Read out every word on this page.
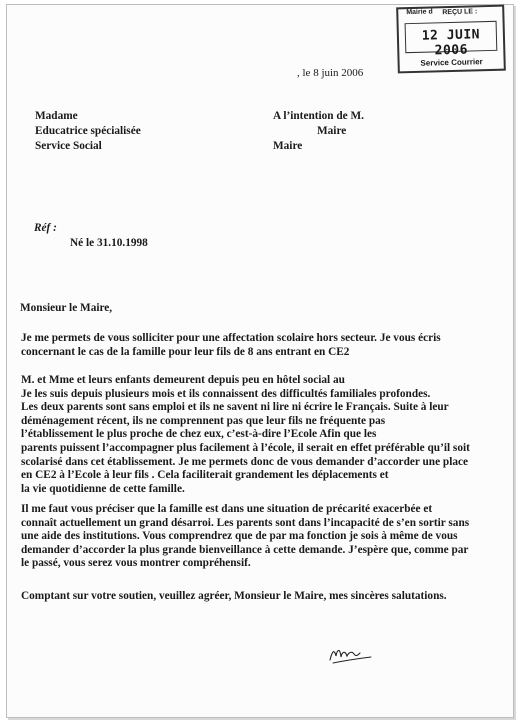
Mairie d REÇU LE :
12 JUIN 2006
Service Courrier
, le 8 juin 2006
Madame
Educatrice spécialisée
Service Social
A l’intention de M.
Maire
Maire
Réf :
Né le 31.10.1998
Monsieur le Maire,
Je me permets de vous solliciter pour une affectation scolaire hors secteur. Je vous écris
concernant le cas de la famille pour leur fils de 8 ans entrant en CE2
M. et Mme et leurs enfants demeurent depuis peu en hôtel social au
Je les suis depuis plusieurs mois et ils connaissent des difficultés familiales profondes.
Les deux parents sont sans emploi et ils ne savent ni lire ni écrire le Français. Suite à leur
déménagement récent, ils ne comprennent pas que leur fils ne fréquente pas
l’établissement le plus proche de chez eux, c’est-à-dire l’Ecole Afin que les
parents puissent l’accompagner plus facilement à l’école, il serait en effet préférable qu’il soit
scolarisé dans cet établissement. Je me permets donc de vous demander d’accorder une place
en CE2 à l’Ecole à leur fils . Cela faciliterait grandement les déplacements et
la vie quotidienne de cette famille.
Il me faut vous préciser que la famille est dans une situation de précarité exacerbée et
connaît actuellement un grand désarroi. Les parents sont dans l’incapacité de s’en sortir sans
une aide des institutions. Vous comprendrez que de par ma fonction je sois à même de vous
demander d’accorder la plus grande bienveillance à cette demande. J’espère que, comme par
le passé, vous serez vous montrer compréhensif.
Comptant sur votre soutien, veuillez agréer, Monsieur le Maire, mes sincères salutations.
